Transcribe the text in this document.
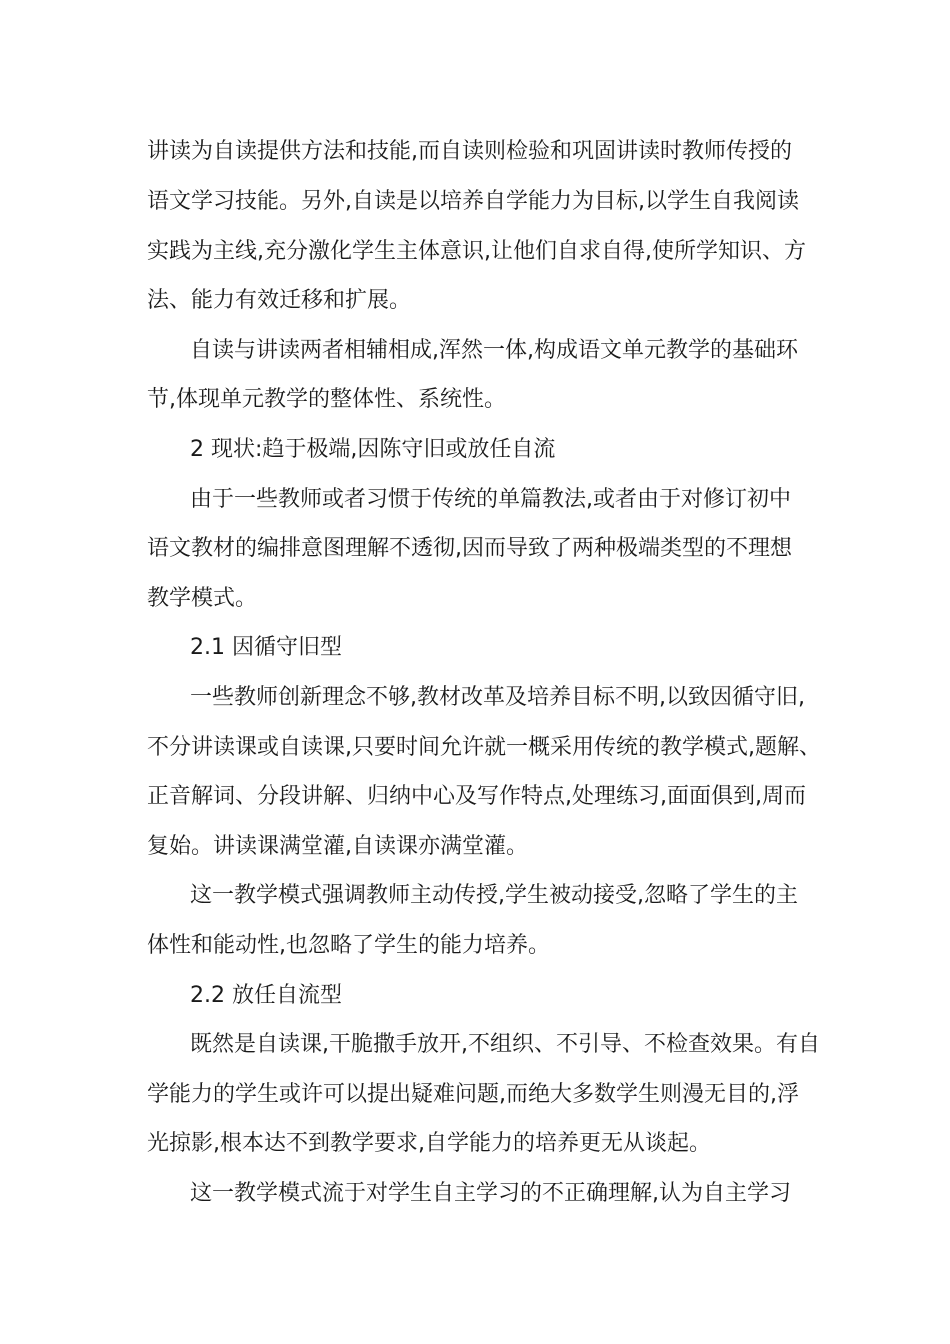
讲读为自读提供方法和技能,而自读则检验和巩固讲读时教师传授的
语文学习技能。另外,自读是以培养自学能力为目标,以学生自我阅读
实践为主线,充分激化学生主体意识,让他们自求自得,使所学知识、方
法、能力有效迁移和扩展。
自读与讲读两者相辅相成,浑然一体,构成语文单元教学的基础环
节,体现单元教学的整体性、系统性。
2 现状:趋于极端,因陈守旧或放任自流
由于一些教师或者习惯于传统的单篇教法,或者由于对修订初中
语文教材的编排意图理解不透彻,因而导致了两种极端类型的不理想
教学模式。
2.1 因循守旧型
一些教师创新理念不够,教材改革及培养目标不明,以致因循守旧,
不分讲读课或自读课,只要时间允许就一概采用传统的教学模式,题解、
正音解词、分段讲解、归纳中心及写作特点,处理练习,面面俱到,周而
复始。讲读课满堂灌,自读课亦满堂灌。
这一教学模式强调教师主动传授,学生被动接受,忽略了学生的主
体性和能动性,也忽略了学生的能力培养。
2.2 放任自流型
既然是自读课,干脆撒手放开,不组织、不引导、不检查效果。有自
学能力的学生或许可以提出疑难问题,而绝大多数学生则漫无目的,浮
光掠影,根本达不到教学要求,自学能力的培养更无从谈起。
这一教学模式流于对学生自主学习的不正确理解,认为自主学习
